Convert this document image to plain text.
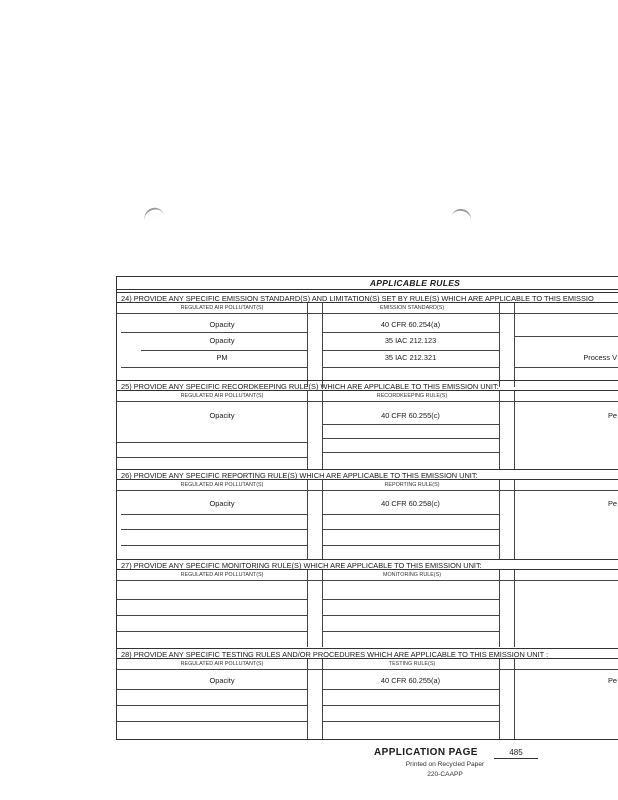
APPLICABLE RULES
24) PROVIDE ANY SPECIFIC EMISSION STANDARD(S) AND LIMITATION(S) SET BY RULE(S) WHICH ARE APPLICABLE TO THIS EMISSIO
REGULATED AIR POLLUTANT(S)	EMISSION STANDARD(S)
Opacity	40 CFR 60.254(a)
Opacity	35 IAC 212.123
PM	35 IAC 212.321	Process V
25) PROVIDE ANY SPECIFIC RECORDKEEPING RULE(S) WHICH ARE APPLICABLE TO THIS EMISSION UNIT:
REGULATED AIR POLLUTANT(S)	RECORDKEEPING RULE(S)
Opacity	40 CFR 60.255(c)	Pe
26) PROVIDE ANY SPECIFIC REPORTING RULE(S) WHICH ARE APPLICABLE TO THIS EMISSION UNIT:
REGULATED AIR POLLUTANT(S)	REPORTING RULE(S)
Opacity	40 CFR 60.258(c)	Pe
27) PROVIDE ANY SPECIFIC MONITORING RULE(S) WHICH ARE APPLICABLE TO THIS EMISSION UNIT:
REGULATED AIR POLLUTANT(S)	MONITORING RULE(S)
28) PROVIDE ANY SPECIFIC TESTING RULES AND/OR PROCEDURES WHICH ARE APPLICABLE TO THIS EMISSION UNIT :
REGULATED AIR POLLUTANT(S)	TESTING RULE(S)
Opacity	40 CFR 60.255(a)	Pe
APPLICATION PAGE	485
Printed on Recycled Paper
220-CAAPP
